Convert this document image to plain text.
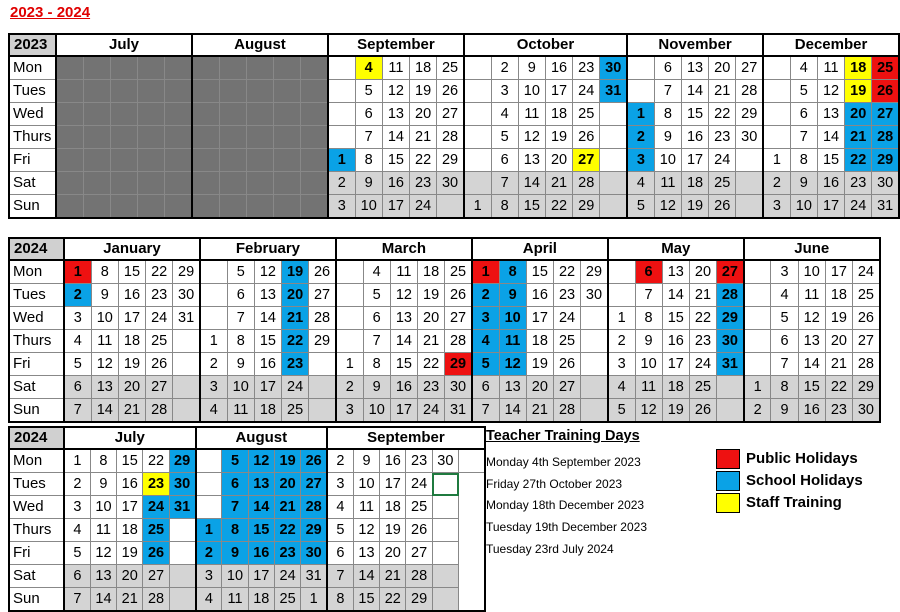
2023 - 2024
2023	July					August					September					October						November					December				
Mon												4	11	18	25		2	9	16	23	30		6	13	20	27		4	11	18	25
Tues												5	12	19	26		3	10	17	24	31		7	14	21	28		5	12	19	26
Wed												6	13	20	27		4	11	18	25		1	8	15	22	29		6	13	20	27
Thurs												7	14	21	28		5	12	19	26		2	9	16	23	30		7	14	21	28
Fri											1	8	15	22	29		6	13	20	27		3	10	17	24		1	8	15	22	29
Sat											2	9	16	23	30		7	14	21	28		4	11	18	25		2	9	16	23	30
Sun											3	10	17	24		1	8	15	22	29		5	12	19	26		3	10	17	24	31
2024	January					February					March					April					May					June				
Mon	1	8	15	22	29		5	12	19	26		4	11	18	25	1	8	15	22	29		6	13	20	27		3	10	17	24
Tues	2	9	16	23	30		6	13	20	27		5	12	19	26	2	9	16	23	30		7	14	21	28		4	11	18	25
Wed	3	10	17	24	31		7	14	21	28		6	13	20	27	3	10	17	24		1	8	15	22	29		5	12	19	26
Thurs	4	11	18	25		1	8	15	22	29		7	14	21	28	4	11	18	25		2	9	16	23	30		6	13	20	27
Fri	5	12	19	26		2	9	16	23		1	8	15	22	29	5	12	19	26		3	10	17	24	31		7	14	21	28
Sat	6	13	20	27		3	10	17	24		2	9	16	23	30	6	13	20	27		4	11	18	25		1	8	15	22	29
Sun	7	14	21	28		4	11	18	25		3	10	17	24	31	7	14	21	28		5	12	19	26		2	9	16	23	30
2024	July					August					September					
Mon	1	8	15	22	29		5	12	19	26	2	9	16	23	30	
Tues	2	9	16	23	30		6	13	20	27	3	10	17	24		
Wed	3	10	17	24	31		7	14	21	28	4	11	18	25		
Thurs	4	11	18	25		1	8	15	22	29	5	12	19	26		
Fri	5	12	19	26		2	9	16	23	30	6	13	20	27		
Sat	6	13	20	27		3	10	17	24	31	7	14	21	28		
Sun	7	14	21	28		4	11	18	25	1	8	15	22	29		
Teacher Training Days
Monday 4th September 2023
Friday 27th October 2023
Monday 18th December 2023
Tuesday 19th December 2023
Tuesday 23rd July 2024
Public Holidays
School Holidays
Staff Training
